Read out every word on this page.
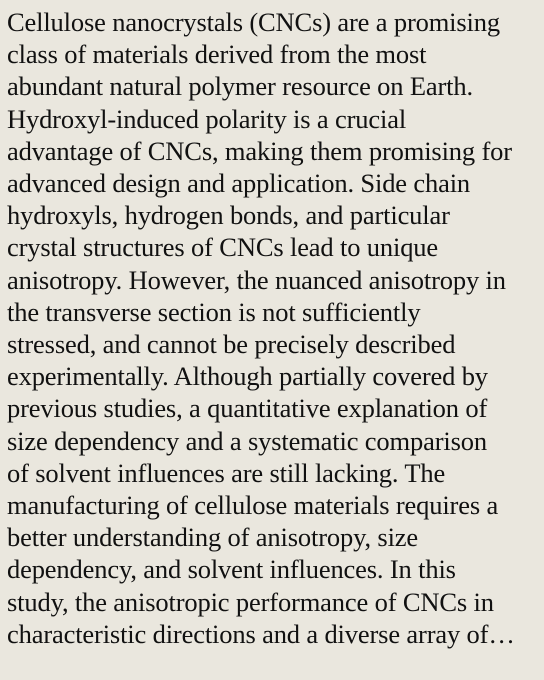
Cellulose nanocrystals (CNCs) are a promising
class of materials derived from the most
abundant natural polymer resource on Earth.
Hydroxyl-induced polarity is a crucial
advantage of CNCs, making them promising for
advanced design and application. Side chain
hydroxyls, hydrogen bonds, and particular
crystal structures of CNCs lead to unique
anisotropy. However, the nuanced anisotropy in
the transverse section is not sufficiently
stressed, and cannot be precisely described
experimentally. Although partially covered by
previous studies, a quantitative explanation of
size dependency and a systematic comparison
of solvent influences are still lacking. The
manufacturing of cellulose materials requires a
better understanding of anisotropy, size
dependency, and solvent influences. In this
study, the anisotropic performance of CNCs in
characteristic directions and a diverse array of…
